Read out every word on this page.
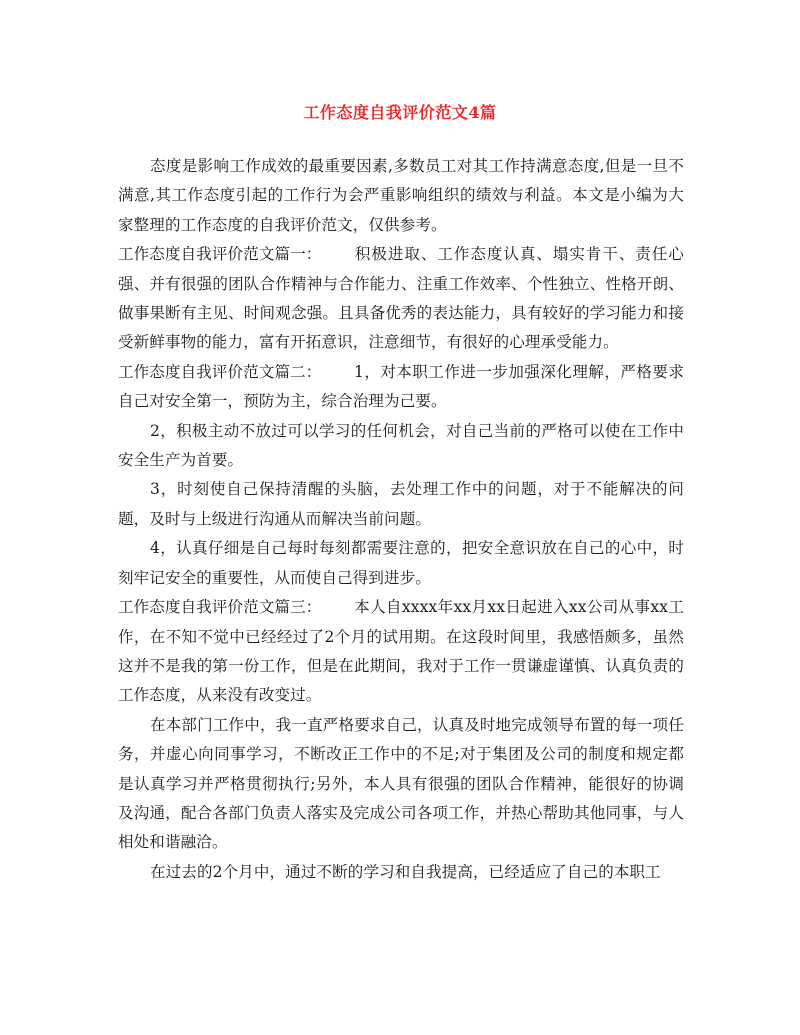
工作态度自我评价范文4篇

态度是影响工作成效的最重要因素,多数员工对其工作持满意态度,但是一旦不满意,其工作态度引起的工作行为会严重影响组织的绩效与利益。本文是小编为大家整理的工作态度的自我评价范文，仅供参考。

工作态度自我评价范文篇一： 积极进取、工作态度认真、塌实肯干、责任心强、并有很强的团队合作精神与合作能力、注重工作效率、个性独立、性格开朗、做事果断有主见、时间观念强。且具备优秀的表达能力，具有较好的学习能力和接受新鲜事物的能力，富有开拓意识，注意细节，有很好的心理承受能力。

工作态度自我评价范文篇二： 1，对本职工作进一步加强深化理解，严格要求自己对安全第一，预防为主，综合治理为己要。

2，积极主动不放过可以学习的任何机会，对自己当前的严格可以使在工作中安全生产为首要。

3，时刻使自己保持清醒的头脑，去处理工作中的问题，对于不能解决的问题，及时与上级进行沟通从而解决当前问题。

4，认真仔细是自己每时每刻都需要注意的，把安全意识放在自己的心中，时刻牢记安全的重要性，从而使自己得到进步。

工作态度自我评价范文篇三： 本人自xxxx年xx月xx日起进入xx公司从事xx工作，在不知不觉中已经经过了2个月的试用期。在这段时间里，我感悟颇多，虽然这并不是我的第一份工作，但是在此期间，我对于工作一贯谦虚谨慎、认真负责的工作态度，从来没有改变过。

在本部门工作中，我一直严格要求自己，认真及时地完成领导布置的每一项任务，并虚心向同事学习，不断改正工作中的不足;对于集团及公司的制度和规定都是认真学习并严格贯彻执行;另外，本人具有很强的团队合作精神，能很好的协调及沟通，配合各部门负责人落实及完成公司各项工作，并热心帮助其他同事，与人相处和谐融洽。

在过去的2个月中，通过不断的学习和自我提高，已经适应了自己的本职工
